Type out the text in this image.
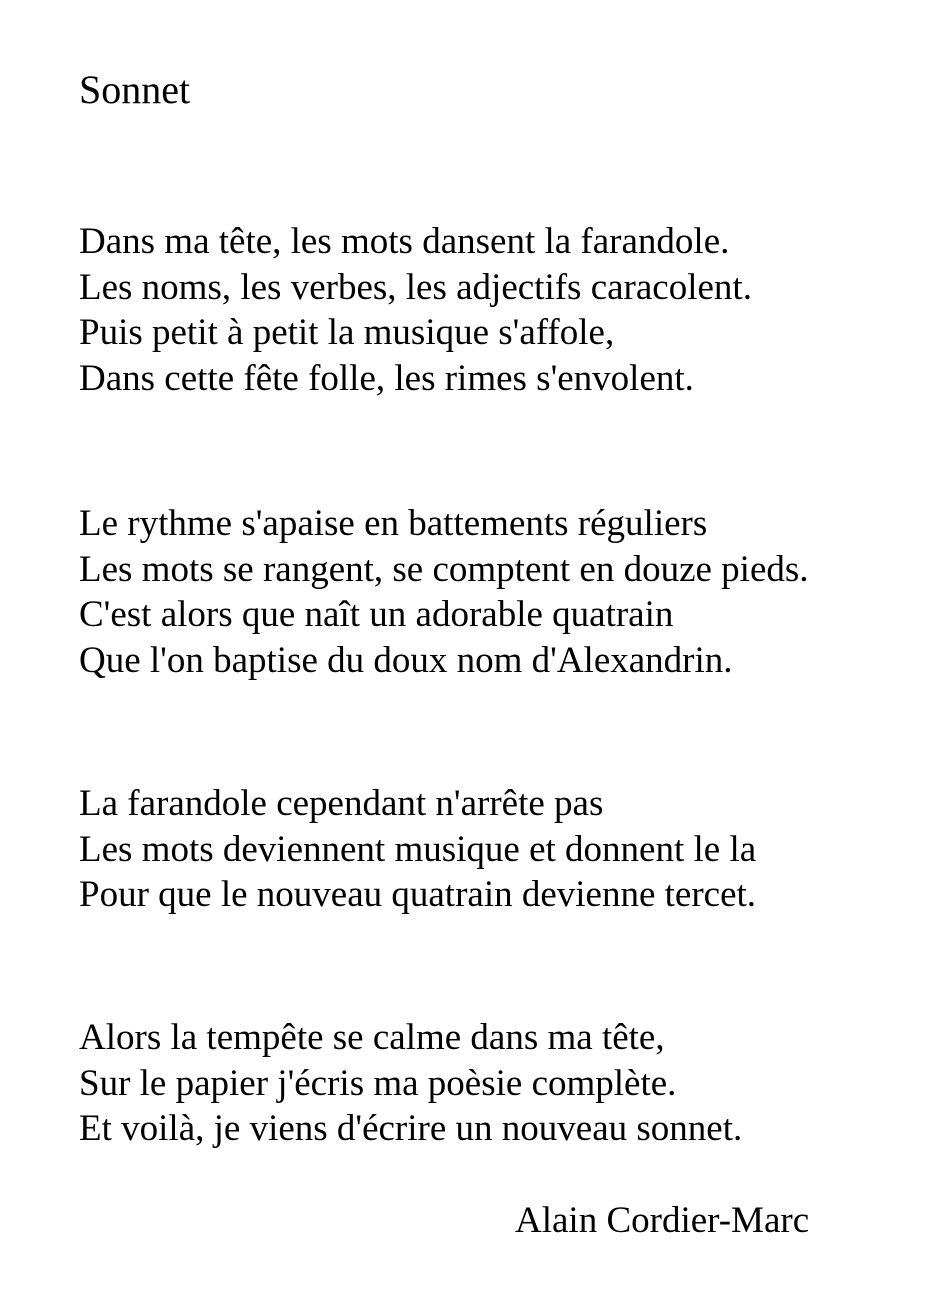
Sonnet
Dans ma tête, les mots dansent la farandole.
Les noms, les verbes, les adjectifs caracolent.
Puis petit à petit la musique s'affole,
Dans cette fête folle, les rimes s'envolent.
Le rythme s'apaise en battements réguliers
Les mots se rangent, se comptent en douze pieds.
C'est alors que naît un adorable quatrain
Que l'on baptise du doux nom d'Alexandrin.
La farandole cependant n'arrête pas
Les mots deviennent musique et donnent le la
Pour que le nouveau quatrain devienne tercet.
Alors la tempête se calme dans ma tête,
Sur le papier j'écris ma poèsie complète.
Et voilà, je viens d'écrire un nouveau sonnet.
Alain Cordier-Marc
